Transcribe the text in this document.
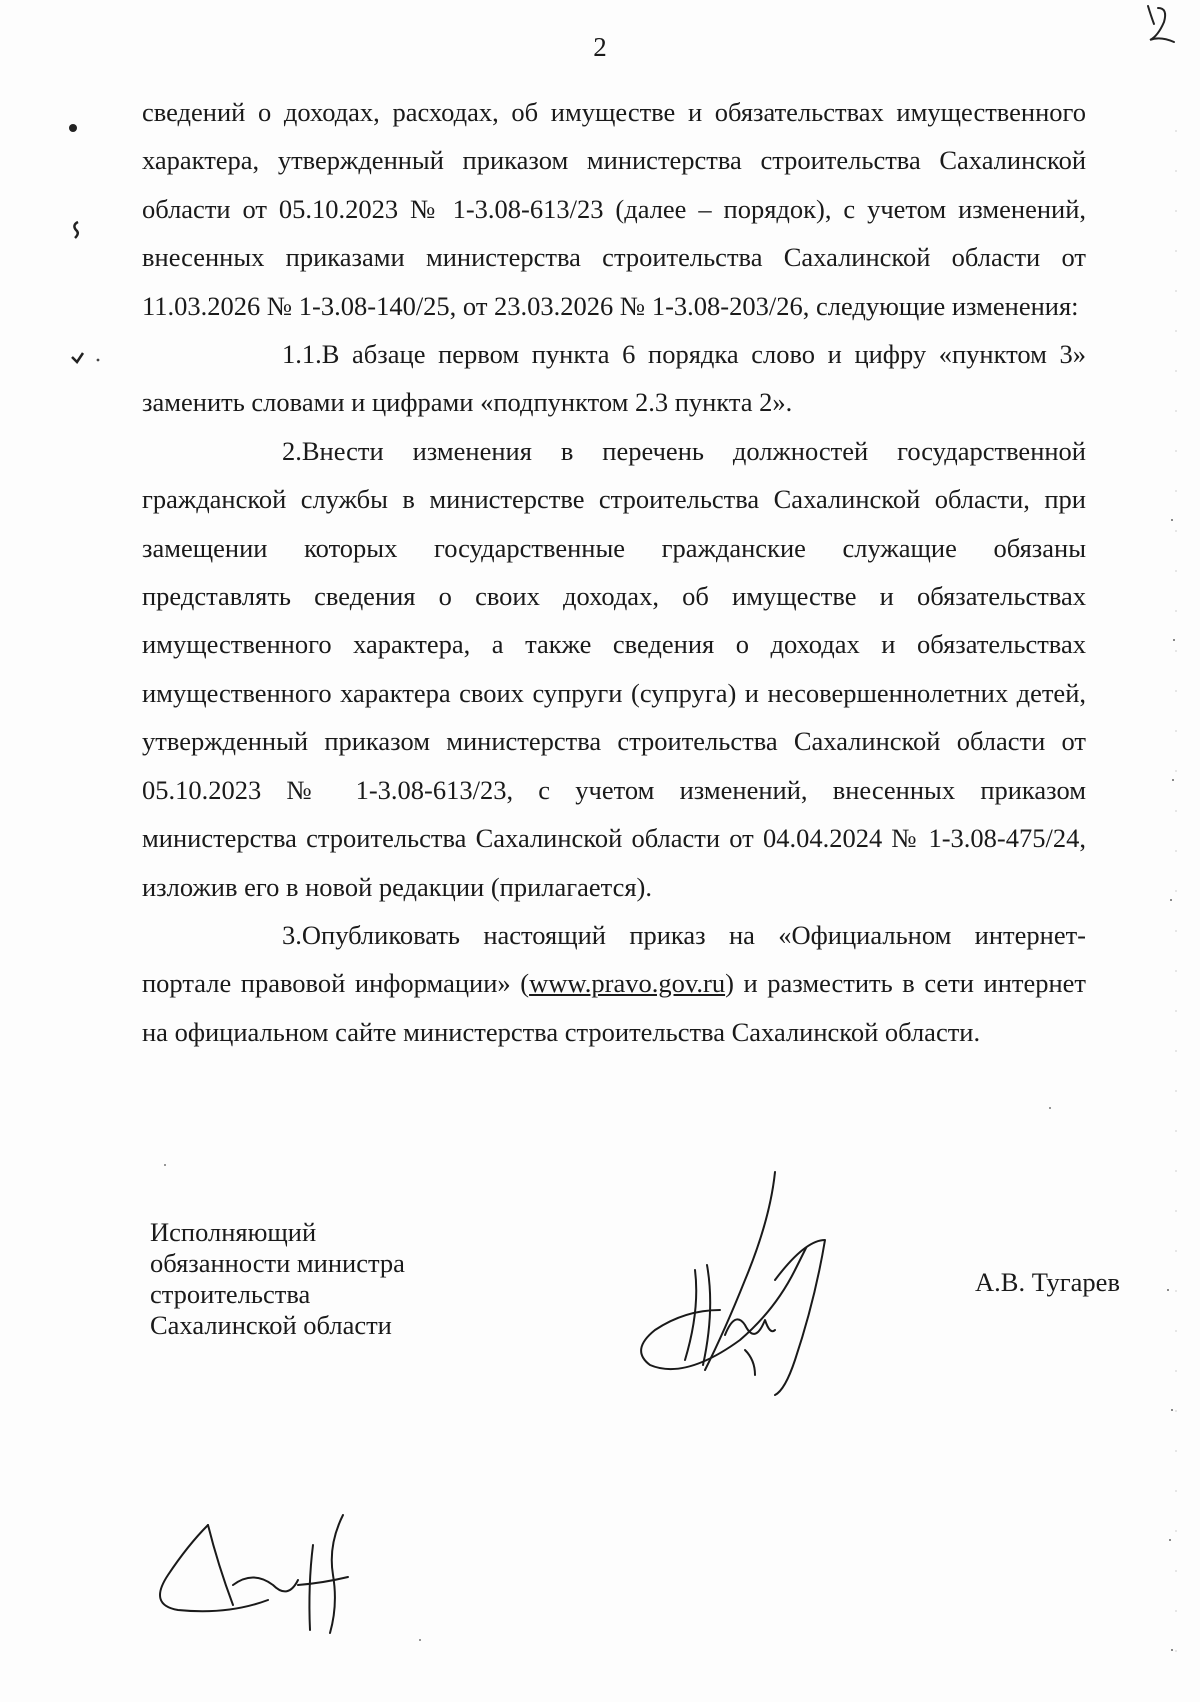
2

сведений о доходах, расходах, об имуществе и обязательствах имущественного характера, утвержденный приказом министерства строительства Сахалинской области от 05.10.2023 № 1-3.08-613/23 (далее – порядок), с учетом изменений, внесенных приказами министерства строительства Сахалинской области от 11.03.2026 № 1-3.08-140/25, от 23.03.2026 № 1-3.08-203/26, следующие изменения:

1.1.В абзаце первом пункта 6 порядка слово и цифру «пунктом 3» заменить словами и цифрами «подпунктом 2.3 пункта 2».

2.Внести изменения в перечень должностей государственной гражданской службы в министерстве строительства Сахалинской области, при замещении которых государственные гражданские служащие обязаны представлять сведения о своих доходах, об имуществе и обязательствах имущественного характера, а также сведения о доходах и обязательствах имущественного характера своих супруги (супруга) и несовершеннолетних детей, утвержденный приказом министерства строительства Сахалинской области от 05.10.2023 № 1-3.08-613/23, с учетом изменений, внесенных приказом министерства строительства Сахалинской области от 04.04.2024 № 1-3.08-475/24, изложив его в новой редакции (прилагается).

3.Опубликовать настоящий приказ на «Официальном интернет-портале правовой информации» (www.pravo.gov.ru) и разместить в сети интернет на официальном сайте министерства строительства Сахалинской области.

Исполняющий
обязанности министра
строительства
Сахалинской области
А.В. Тугарев
